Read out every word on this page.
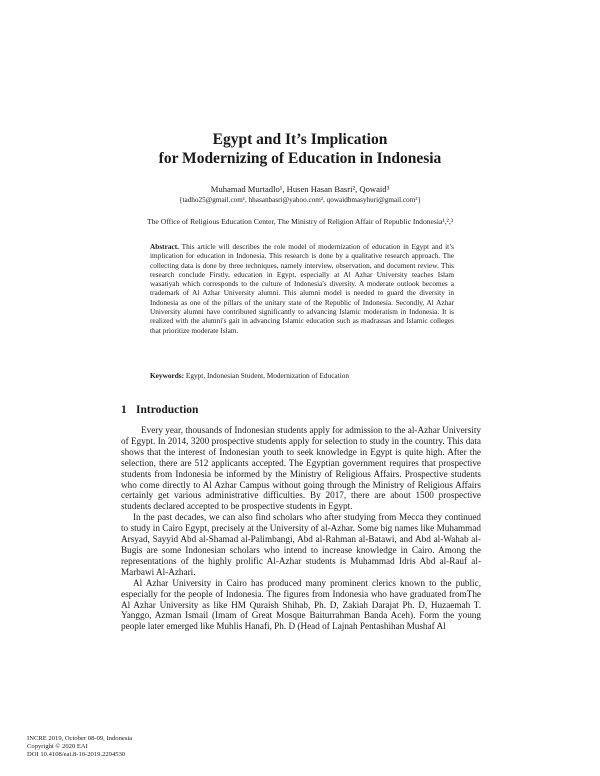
Egypt and It’s Implication
for Modernizing of Education in Indonesia
Muhamad Murtadlo¹, Husen Hasan Basri², Qowaid³
{tadho25@gmail.com¹, hhasanbasri@yahoo.com², qowaidbmasyhuri@gmail.com³}
The Office of Religious Education Center, The Ministry of Religion Affair of Republic Indonesia¹,²,³

Abstract. This article will describes the role model of modernization of education in Egypt and it’s implication for education in Indonesia. This research is done by a qualitative research approach. The collecting data is done by three techniques, namely interview, observation, and document review. This research conclude Firstly, education in Egypt, especially at Al Azhar University teaches Islam wasatiyah which corresponds to the culture of Indonesia's diversity. A moderate outlook becomes a trademark of Al Azhar University alumni. This alumni model is needed to guard the diversity in Indonesia as one of the pillars of the unitary state of the Republic of Indonesia. Secondly, Al Azhar University alumni have contributed significantly to advancing Islamic moderatism in Indonesia. It is realized with the alumni's gait in advancing Islamic education such as madrassas and Islamic colleges that prioritize moderate Islam.

Keywords: Egypt, Indonesian Student, Modernization of Education

1 Introduction

Every year, thousands of Indonesian students apply for admission to the al-Azhar University of Egypt. In 2014, 3200 prospective students apply for selection to study in the country. This data shows that the interest of Indonesian youth to seek knowledge in Egypt is quite high. After the selection, there are 512 applicants accepted. The Egyptian government requires that prospective students from Indonesia be informed by the Ministry of Religious Affairs. Prospective students who come directly to Al Azhar Campus without going through the Ministry of Religious Affairs certainly get various administrative difficulties. By 2017, there are about 1500 prospective students declared accepted to be prospective students in Egypt.

In the past decades, we can also find scholars who after studying from Mecca they continued to study in Cairo Egypt, precisely at the University of al-Azhar. Some big names like Muhammad Arsyad, Sayyid Abd al-Shamad al-Palimbangi, Abd al-Rahman al-Batawi, and Abd al-Wahab al-Bugis are some Indonesian scholars who intend to increase knowledge in Cairo. Among the representations of the highly prolific Al-Azhar students is Muhammad Idris Abd al-Rauf al-Marbawi Al-Azhari.

Al Azhar University in Cairo has produced many prominent clerics known to the public, especially for the people of Indonesia. The figures from Indonesia who have graduated fromThe Al Azhar University as like HM Quraish Shihab, Ph. D, Zakiah Darajat Ph. D, Huzaemah T. Yanggo, Azman Ismail (Imam of Great Mosque Baiturrahman Banda Aceh). Form the young people later emerged like Muhlis Hanafi, Ph. D (Head of Lajnah Pentashihan Mushaf Al

INCRE 2019, October 08-09, Indonesia
Copyright © 2020 EAI
DOI 10.4108/eai.8-10-2019.2294530
